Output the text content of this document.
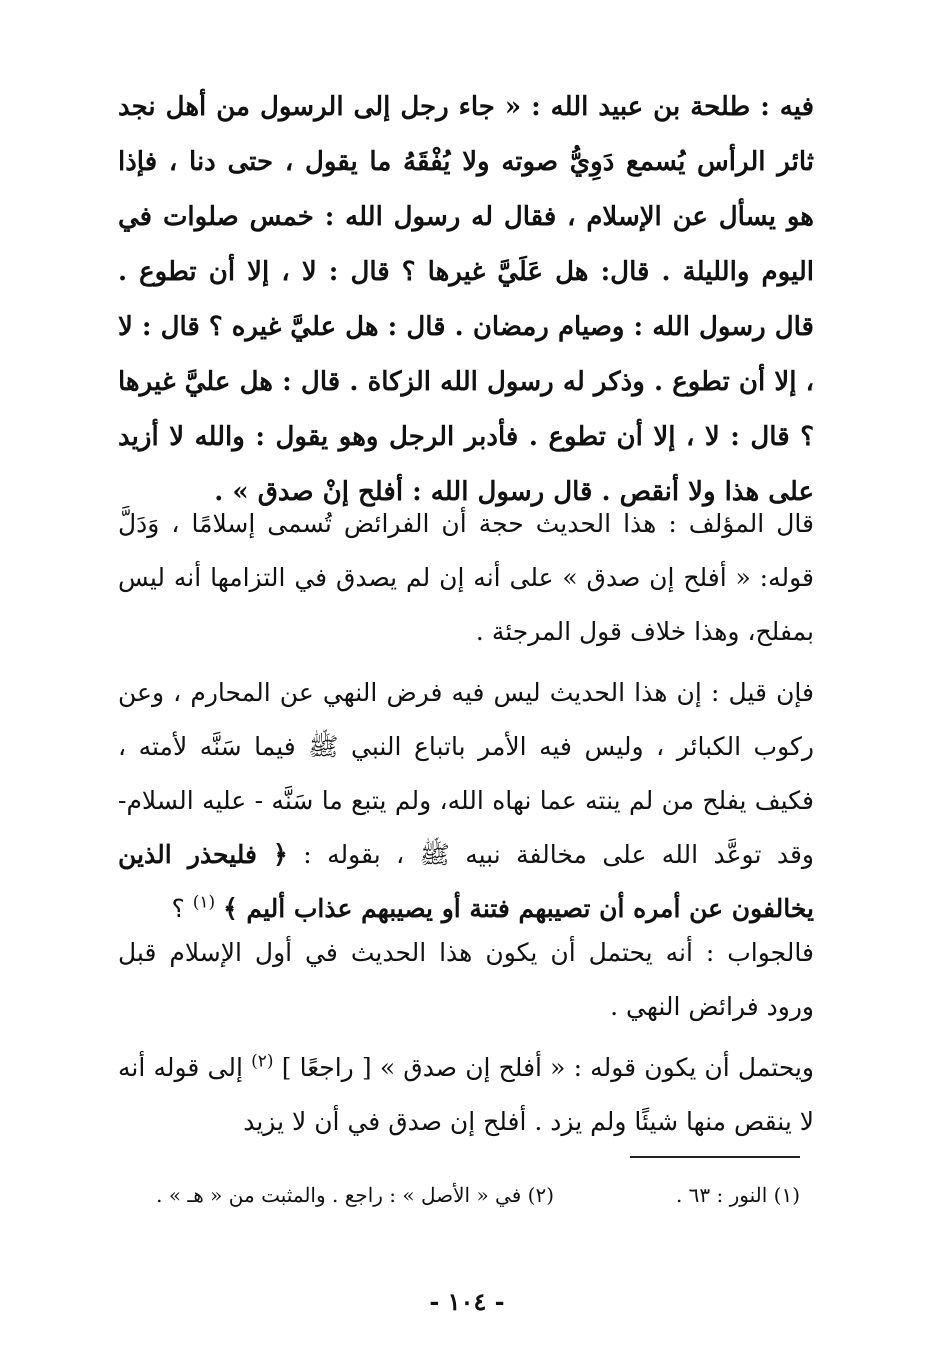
فيه : طلحة بن عبيد الله : « جاء رجل إلى الرسول من أهل نجد ثائر الرأس يُسمع دَوِيُّ صوته ولا يُفْقَهُ ما يقول ، حتى دنا ، فإذا هو يسأل عن الإسلام ، فقال له رسول الله : خمس صلوات في اليوم والليلة . قال: هل عَلَيَّ غيرها ؟ قال : لا ، إلا أن تطوع . قال رسول الله : وصيام رمضان . قال : هل عليَّ غيره ؟ قال : لا ، إلا أن تطوع . وذكر له رسول الله الزكاة . قال : هل عليَّ غيرها ؟ قال : لا ، إلا أن تطوع . فأدبر الرجل وهو يقول : والله لا أزيد على هذا ولا أنقص . قال رسول الله : أفلح إنْ صدق » .

قال المؤلف : هذا الحديث حجة أن الفرائض تُسمى إسلامًا ، وَدَلَّ قوله: « أفلح إن صدق » على أنه إن لم يصدق في التزامها أنه ليس بمفلح، وهذا خلاف قول المرجئة .

فإن قيل : إن هذا الحديث ليس فيه فرض النهي عن المحارم ، وعن ركوب الكبائر ، وليس فيه الأمر باتباع النبي ﷺ فيما سَنَّه لأمته ، فكيف يفلح من لم ينته عما نهاه الله، ولم يتبع ما سَنَّه - عليه السلام- وقد توعَّد الله على مخالفة نبيه ﷺ ، بقوله : ﴿ فليحذر الذين يخالفون عن أمره أن تصيبهم فتنة أو يصيبهم عذاب أليم ﴾ $^{(١)}$ ؟

فالجواب : أنه يحتمل أن يكون هذا الحديث في أول الإسلام قبل ورود فرائض النهي .

ويحتمل أن يكون قوله : « أفلح إن صدق » [ راجعًا ] $^{(٢)}$ إلى قوله أنه لا ينقص منها شيئًا ولم يزد . أفلح إن صدق في أن لا يزيد

(١) النور : ٦٣ .
(٢) في « الأصل » : راجع . والمثبت من « هـ » .
- ١٠٤ -
